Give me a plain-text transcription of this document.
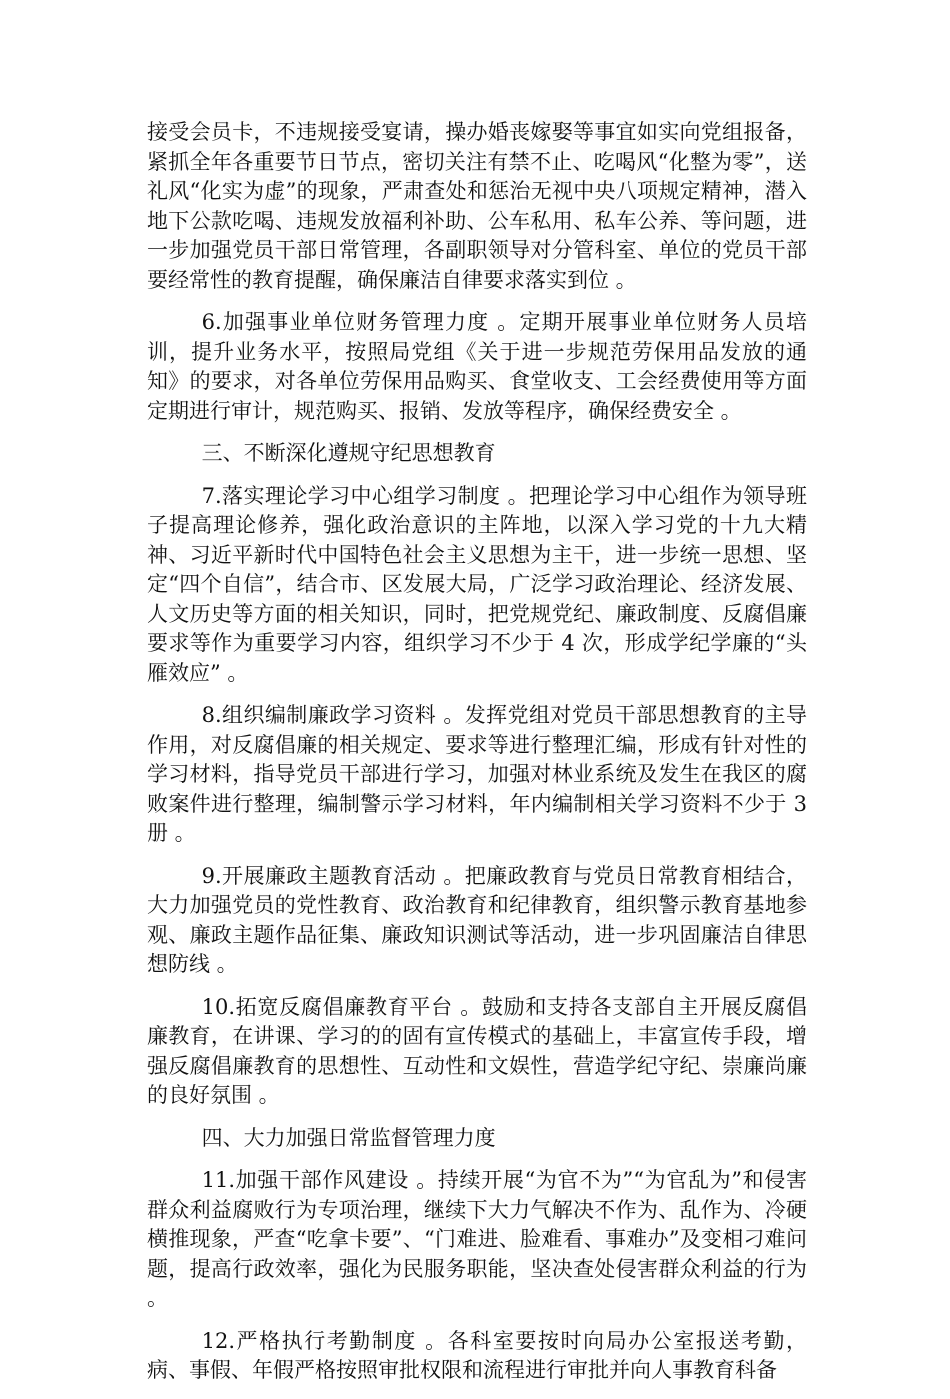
接受会员卡，不违规接受宴请，操办婚丧嫁娶等事宜如实向党组报备，紧抓全年各重要节日节点，密切关注有禁不止、吃喝风“化整为零”，送礼风“化实为虚”的现象，严肃查处和惩治无视中央八项规定精神，潜入地下公款吃喝、违规发放福利补助、公车私用、私车公养、等问题，进一步加强党员干部日常管理，各副职领导对分管科室、单位的党员干部要经常性的教育提醒，确保廉洁自律要求落实到位 。

6.加强事业单位财务管理力度 。定期开展事业单位财务人员培训，提升业务水平，按照局党组《关于进一步规范劳保用品发放的通知》的要求，对各单位劳保用品购买、食堂收支、工会经费使用等方面定期进行审计，规范购买、报销、发放等程序，确保经费安全 。

三、不断深化遵规守纪思想教育

7.落实理论学习中心组学习制度 。把理论学习中心组作为领导班子提高理论修养，强化政治意识的主阵地，以深入学习党的十九大精神、习近平新时代中国特色社会主义思想为主干，进一步统一思想、坚定“四个自信”，结合市、区发展大局，广泛学习政治理论、经济发展、人文历史等方面的相关知识，同时，把党规党纪、廉政制度、反腐倡廉要求等作为重要学习内容，组织学习不少于 4 次，形成学纪学廉的“头雁效应” 。

8.组织编制廉政学习资料 。发挥党组对党员干部思想教育的主导作用，对反腐倡廉的相关规定、要求等进行整理汇编，形成有针对性的学习材料，指导党员干部进行学习，加强对林业系统及发生在我区的腐败案件进行整理，编制警示学习材料，年内编制相关学习资料不少于 3 册 。

9.开展廉政主题教育活动 。把廉政教育与党员日常教育相结合，大力加强党员的党性教育、政治教育和纪律教育，组织警示教育基地参观、廉政主题作品征集、廉政知识测试等活动，进一步巩固廉洁自律思想防线 。

10.拓宽反腐倡廉教育平台 。鼓励和支持各支部自主开展反腐倡廉教育，在讲课、学习的的固有宣传模式的基础上，丰富宣传手段，增强反腐倡廉教育的思想性、互动性和文娱性，营造学纪守纪、崇廉尚廉的良好氛围 。

四、大力加强日常监督管理力度

11.加强干部作风建设 。持续开展“为官不为”“为官乱为”和侵害群众利益腐败行为专项治理，继续下大力气解决不作为、乱作为、冷硬横推现象，严查“吃拿卡要”、“门难进、脸难看、事难办”及变相刁难问题，提高行政效率，强化为民服务职能，坚决查处侵害群众利益的行为 。

12.严格执行考勤制度 。各科室要按时向局办公室报送考勤，病、事假、年假严格按照审批权限和流程进行审批并向人事教育科备
